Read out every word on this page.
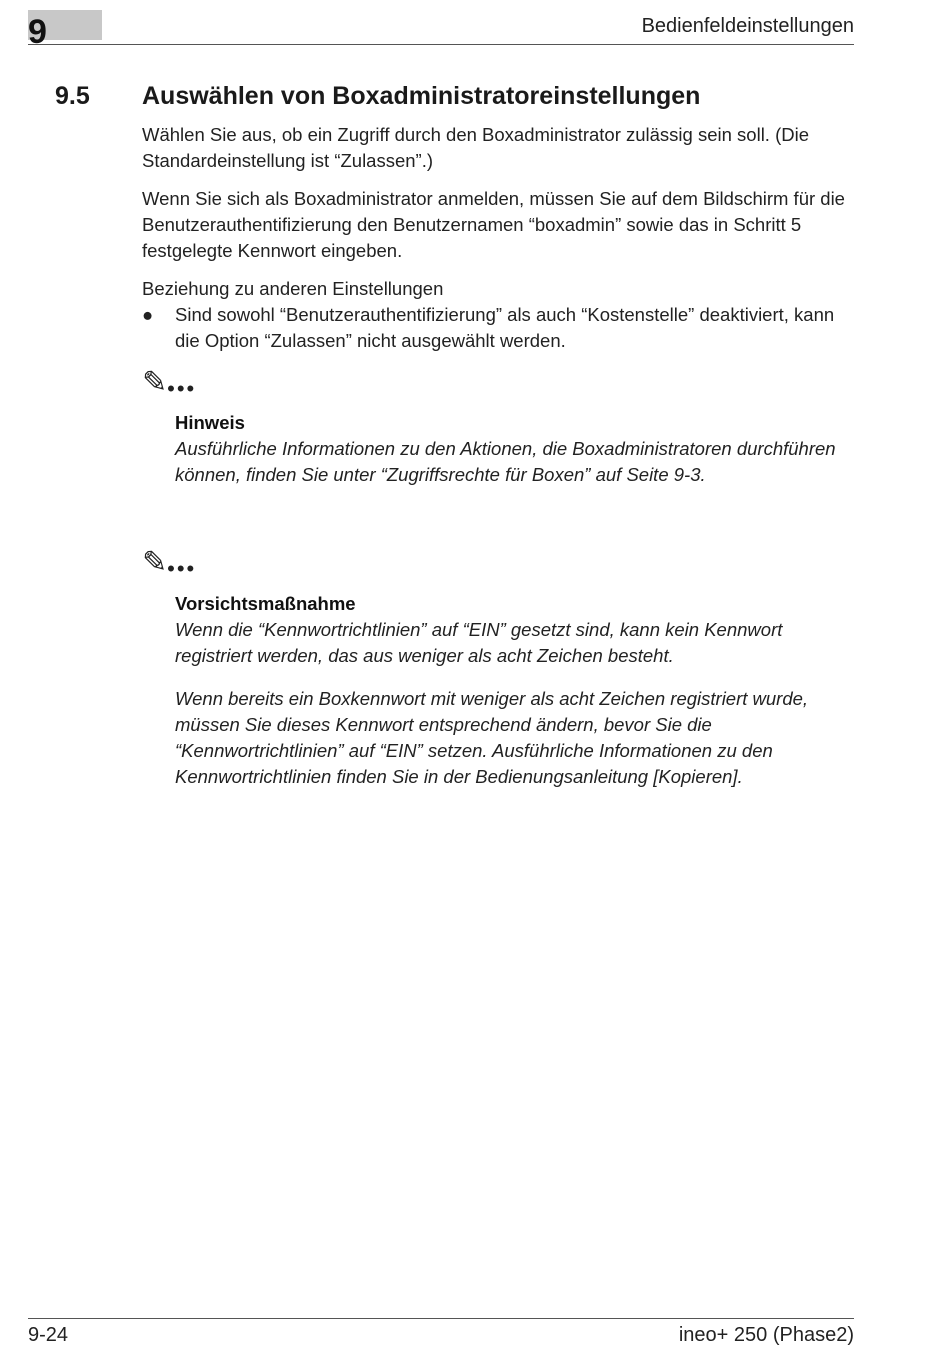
9	Bedienfeldeinstellungen
9.5 Auswählen von Boxadministratoreinstellungen

Wählen Sie aus, ob ein Zugriff durch den Boxadministrator zulässig sein soll. (Die Standardeinstellung ist “Zulassen”.)

Wenn Sie sich als Boxadministrator anmelden, müssen Sie auf dem Bildschirm für die Benutzerauthentifizierung den Benutzernamen “boxadmin” sowie das in Schritt 5 festgelegte Kennwort eingeben.

Beziehung zu anderen Einstellungen

●	Sind sowohl “Benutzerauthentifizierung” als auch “Kostenstelle” deaktiviert, kann die Option “Zulassen” nicht ausgewählt werden.
✎•••
Hinweis
Ausführliche Informationen zu den Aktionen, die Boxadministratoren durchführen können, finden Sie unter “Zugriffsrechte für Boxen” auf Seite 9-3.
✎•••
Vorsichtsmaßnahme
Wenn die “Kennwortrichtlinien” auf “EIN” gesetzt sind, kann kein Kennwort registriert werden, das aus weniger als acht Zeichen besteht.
Wenn bereits ein Boxkennwort mit weniger als acht Zeichen registriert wurde, müssen Sie dieses Kennwort entsprechend ändern, bevor Sie die “Kennwortrichtlinien” auf “EIN” setzen. Ausführliche Informationen zu den Kennwortrichtlinien finden Sie in der Bedienungsanleitung [Kopieren].
9-24	ineo+ 250 (Phase2)
